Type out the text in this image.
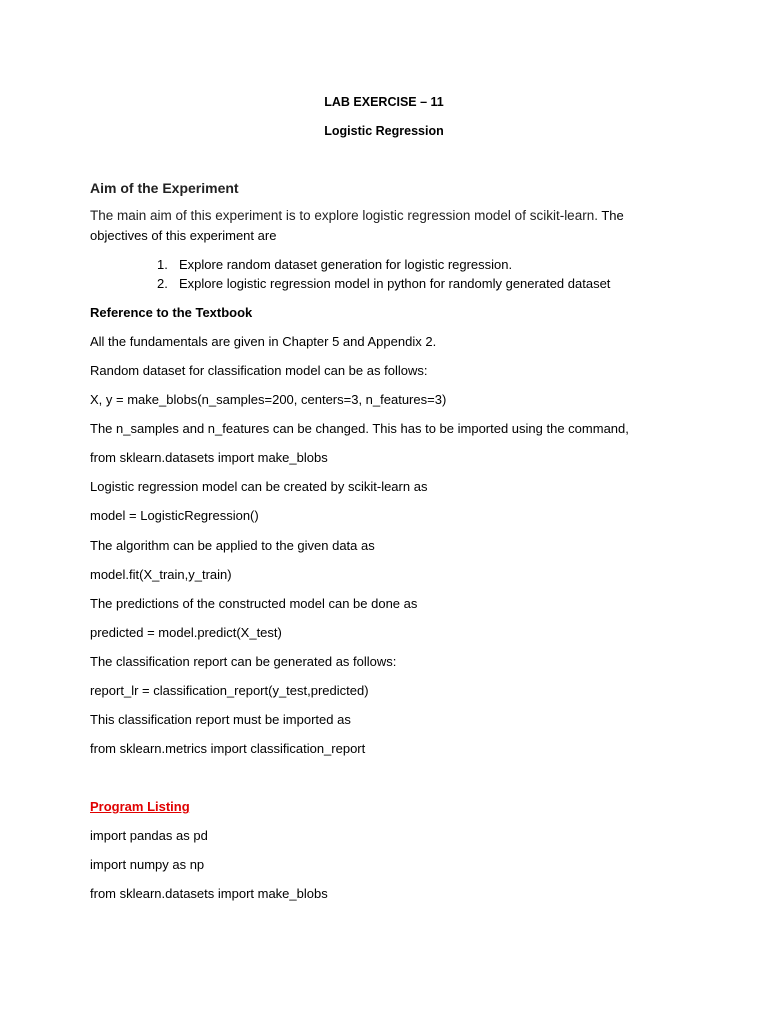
LAB EXERCISE – 11
Logistic Regression
Aim of the Experiment
The main aim of this experiment is to explore logistic regression model of scikit-learn. The
objectives of this experiment are
1. Explore random dataset generation for logistic regression.
2. Explore logistic regression model in python for randomly generated dataset
Reference to the Textbook
All the fundamentals are given in Chapter 5 and Appendix 2.
Random dataset for classification model can be as follows:
X, y = make_blobs(n_samples=200, centers=3, n_features=3)
The n_samples and n_features can be changed. This has to be imported using the command,
from sklearn.datasets import make_blobs
Logistic regression model can be created by scikit-learn as
model = LogisticRegression()
The algorithm can be applied to the given data as
model.fit(X_train,y_train)
The predictions of the constructed model can be done as
predicted = model.predict(X_test)
The classification report can be generated as follows:
report_lr = classification_report(y_test,predicted)
This classification report must be imported as
from sklearn.metrics import classification_report
Program Listing
import pandas as pd
import numpy as np
from sklearn.datasets import make_blobs
